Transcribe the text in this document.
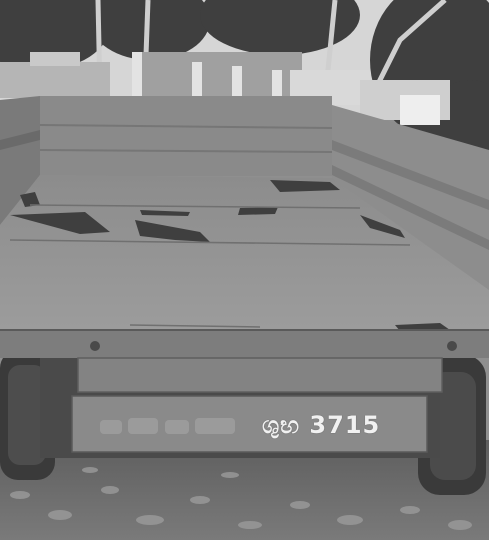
ශුභ 3715
